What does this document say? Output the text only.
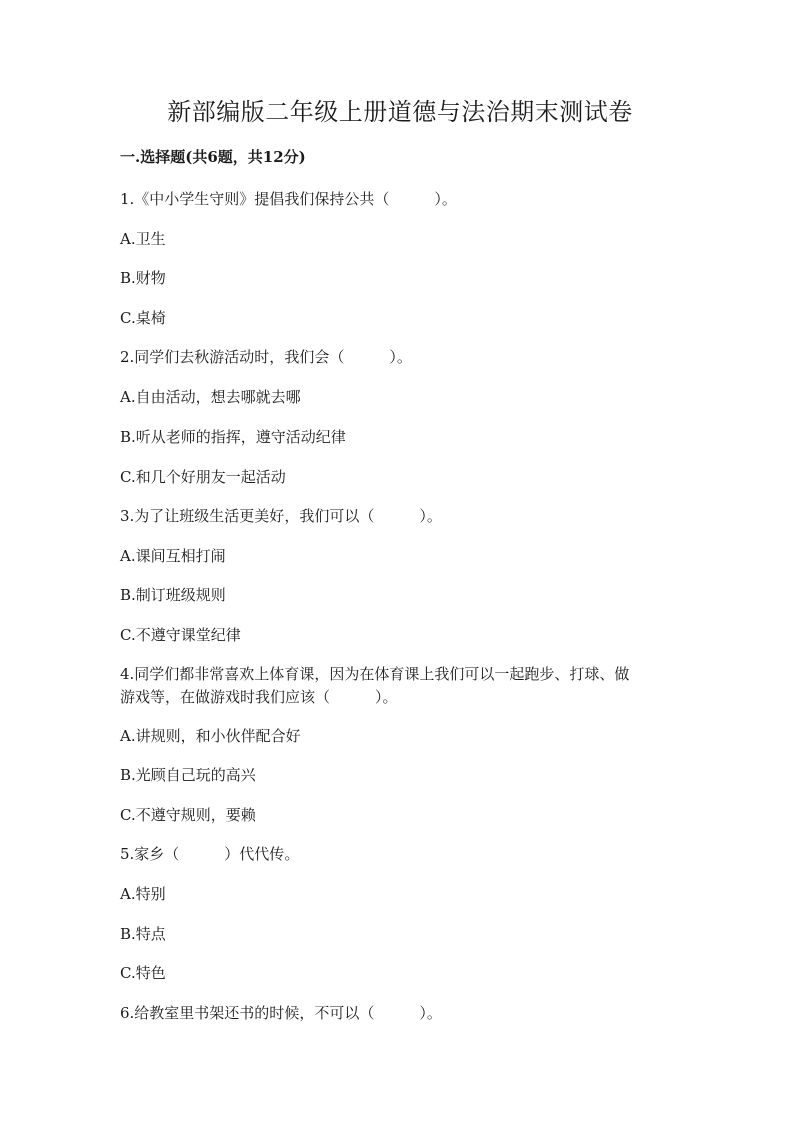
新部编版二年级上册道德与法治期末测试卷
一.选择题(共6题，共12分)
1.《中小学生守则》提倡我们保持公共（　　　）。
A.卫生
B.财物
C.桌椅
2.同学们去秋游活动时，我们会（　　　）。
A.自由活动，想去哪就去哪
B.听从老师的指挥，遵守活动纪律
C.和几个好朋友一起活动
3.为了让班级生活更美好，我们可以（　　　）。
A.课间互相打闹
B.制订班级规则
C.不遵守课堂纪律
4.同学们都非常喜欢上体育课，因为在体育课上我们可以一起跑步、打球、做
游戏等，在做游戏时我们应该（　　　）。
A.讲规则，和小伙伴配合好
B.光顾自己玩的高兴
C.不遵守规则，要赖
5.家乡（　　　）代代传。
A.特别
B.特点
C.特色
6.给教室里书架还书的时候，不可以（　　　）。
